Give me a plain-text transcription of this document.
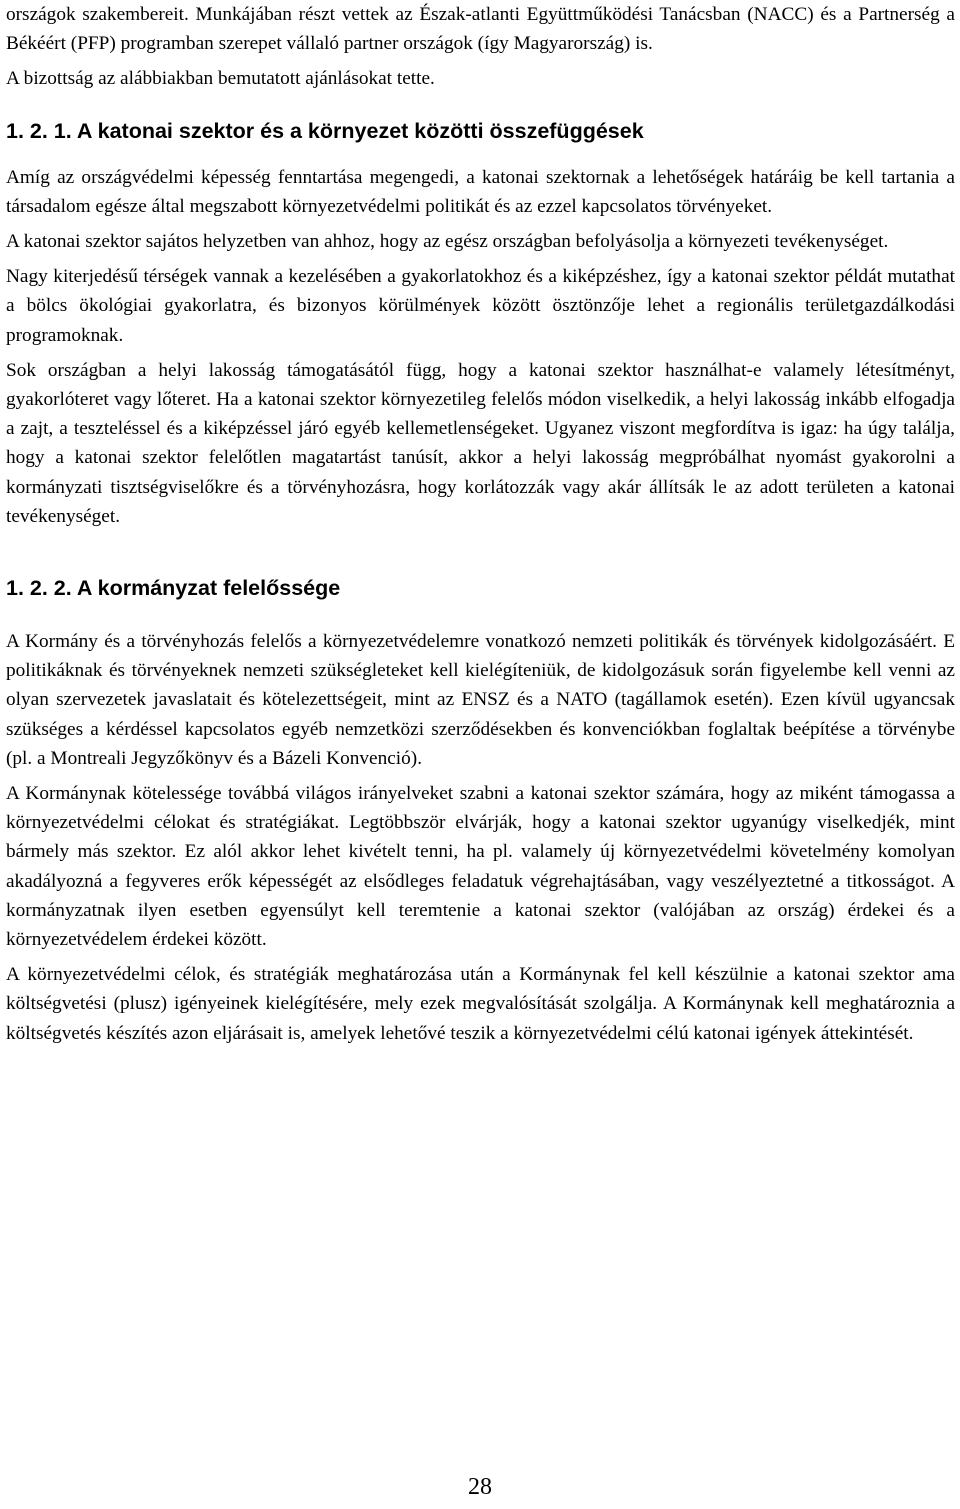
országok szakembereit. Munkájában részt vettek az Észak-atlanti Együttműködési Tanácsban (NACC) és a Partnerség a Békéért (PFP) programban szerepet vállaló partner országok (így Magyarország) is.

A bizottság az alábbiakban bemutatott ajánlásokat tette.

1. 2. 1. A katonai szektor és a környezet közötti összefüggések

Amíg az országvédelmi képesség fenntartása megengedi, a katonai szektornak a lehetőségek határáig be kell tartania a társadalom egésze által megszabott környezetvédelmi politikát és az ezzel kapcsolatos törvényeket.

A katonai szektor sajátos helyzetben van ahhoz, hogy az egész országban befolyásolja a környezeti tevékenységet.

Nagy kiterjedésű térségek vannak a kezelésében a gyakorlatokhoz és a kiképzéshez, így a katonai szektor példát mutathat a bölcs ökológiai gyakorlatra, és bizonyos körülmények között ösztönzője lehet a regionális területgazdálkodási programoknak.

Sok országban a helyi lakosság támogatásától függ, hogy a katonai szektor használhat-e valamely létesítményt, gyakorlóteret vagy lőteret. Ha a katonai szektor környezetileg felelős módon viselkedik, a helyi lakosság inkább elfogadja a zajt, a teszteléssel és a kiképzéssel járó egyéb kellemetlenségeket. Ugyanez viszont megfordítva is igaz: ha úgy találja, hogy a katonai szektor felelőtlen magatartást tanúsít, akkor a helyi lakosság megpróbálhat nyomást gyakorolni a kormányzati tisztségviselőkre és a törvényhozásra, hogy korlátozzák vagy akár állítsák le az adott területen a katonai tevékenységet.

1. 2. 2. A kormányzat felelőssége

A Kormány és a törvényhozás felelős a környezetvédelemre vonatkozó nemzeti politikák és törvények kidolgozásáért. E politikáknak és törvényeknek nemzeti szükségleteket kell kielégíteniük, de kidolgozásuk során figyelembe kell venni az olyan szervezetek javaslatait és kötelezettségeit, mint az ENSZ és a NATO (tagállamok esetén). Ezen kívül ugyancsak szükséges a kérdéssel kapcsolatos egyéb nemzetközi szerződésekben és konvenciókban foglaltak beépítése a törvénybe (pl. a Montreali Jegyzőkönyv és a Bázeli Konvenció).

A Kormánynak kötelessége továbbá világos irányelveket szabni a katonai szektor számára, hogy az miként támogassa a környezetvédelmi célokat és stratégiákat. Legtöbbször elvárják, hogy a katonai szektor ugyanúgy viselkedjék, mint bármely más szektor. Ez alól akkor lehet kivételt tenni, ha pl. valamely új környezetvédelmi követelmény komolyan akadályozná a fegyveres erők képességét az elsődleges feladatuk végrehajtásában, vagy veszélyeztetné a titkosságot. A kormányzatnak ilyen esetben egyensúlyt kell teremtenie a katonai szektor (valójában az ország) érdekei és a környezetvédelem érdekei között.

A környezetvédelmi célok, és stratégiák meghatározása után a Kormánynak fel kell készülnie a katonai szektor ama költségvetési (plusz) igényeinek kielégítésére, mely ezek megvalósítását szolgálja. A Kormánynak kell meghatároznia a költségvetés készítés azon eljárásait is, amelyek lehetővé teszik a környezetvédelmi célú katonai igények áttekintését.

28
